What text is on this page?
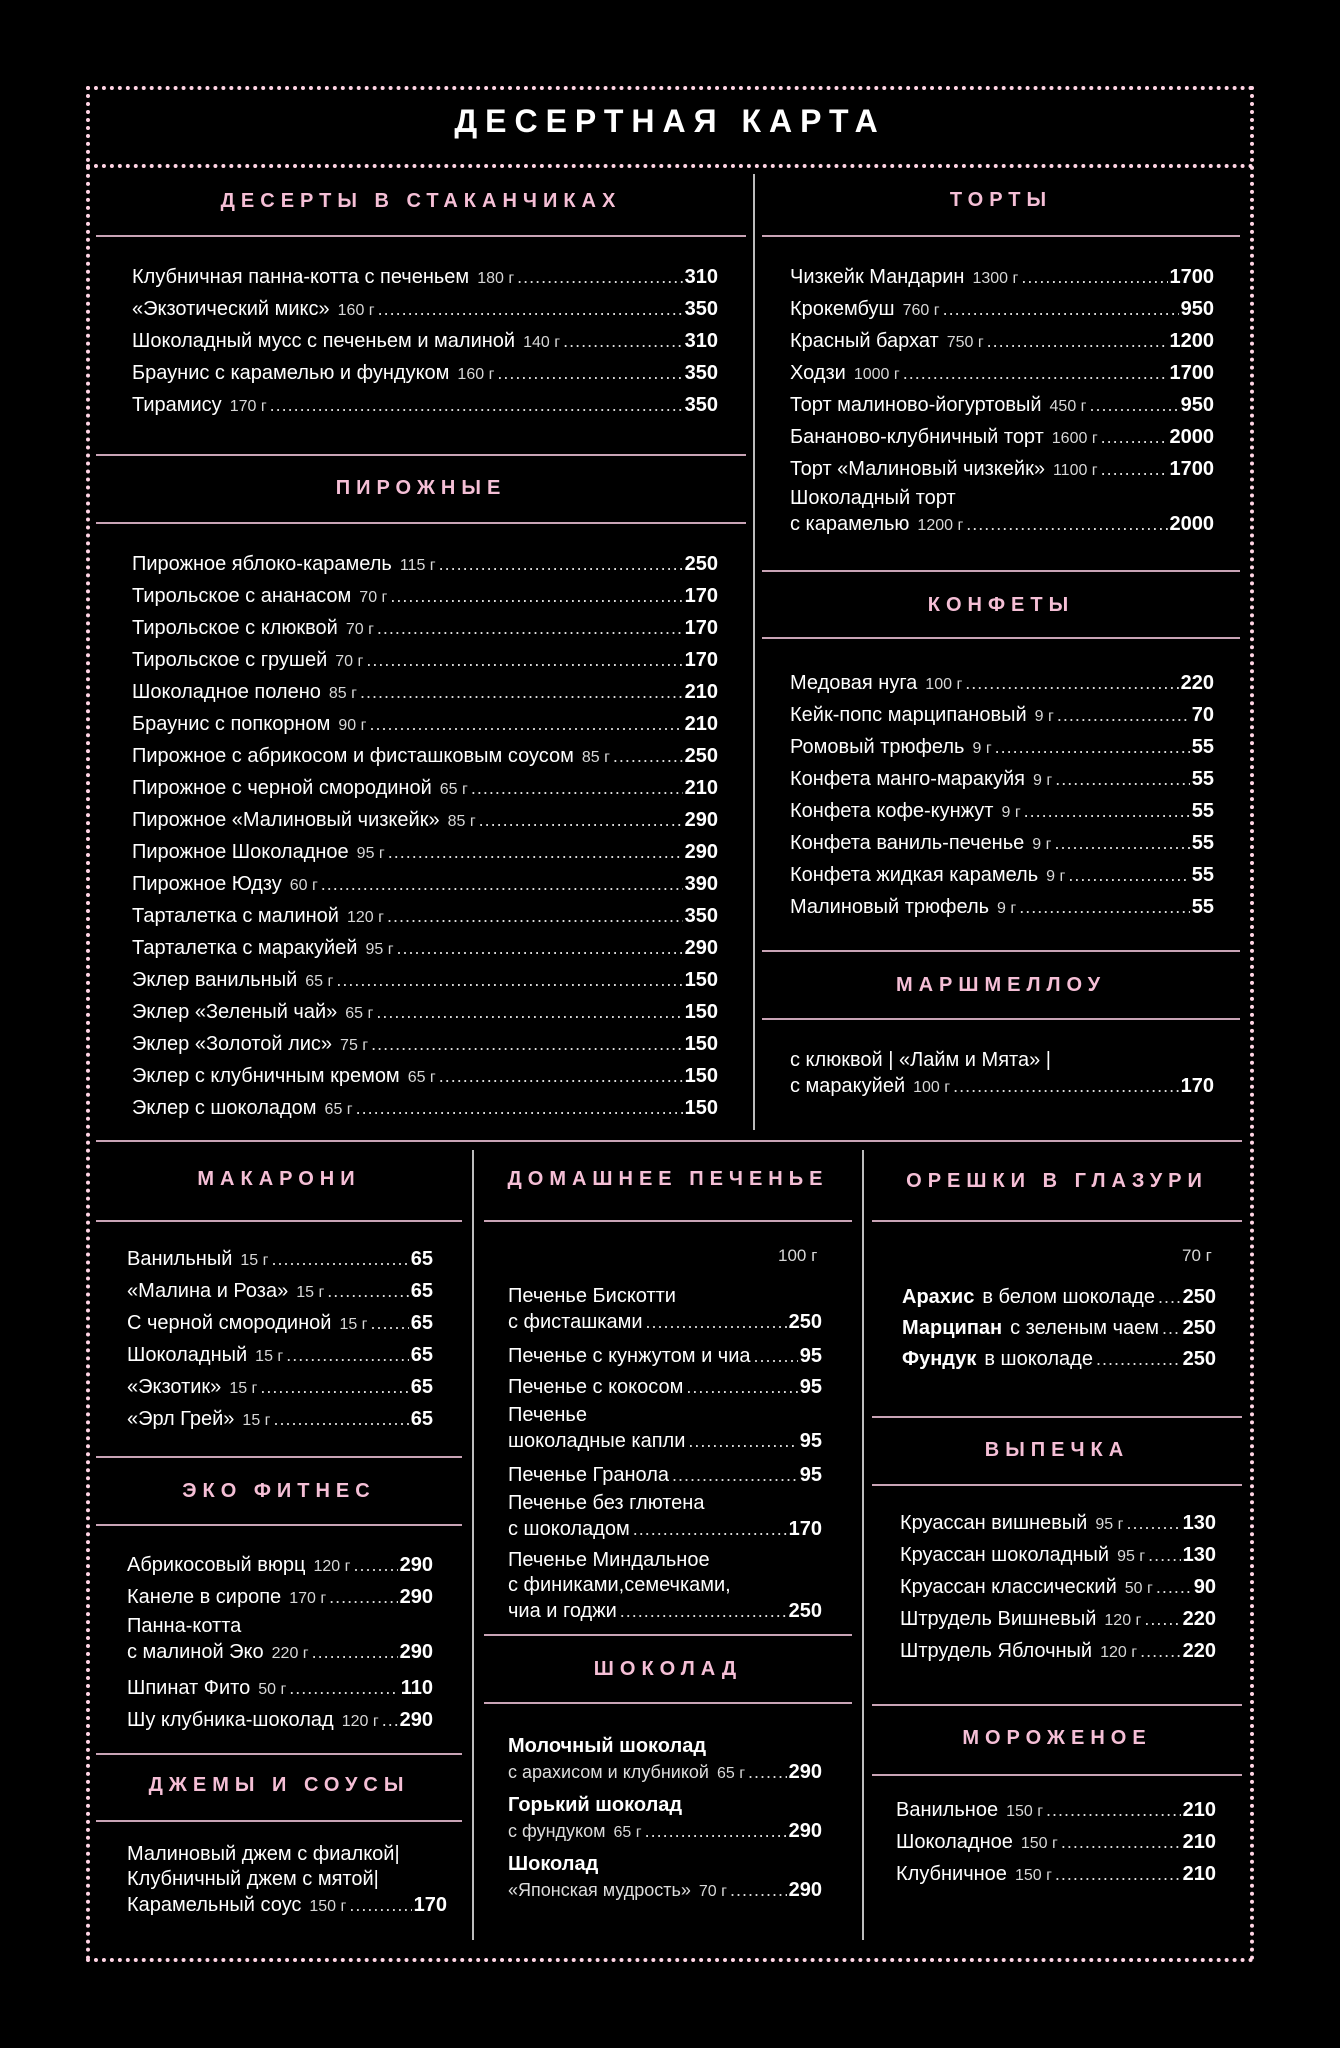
ДЕСЕРТНАЯ КАРТА
ДЕСЕРТЫ В СТАКАНЧИКАХ
Клубничная панна-котта с печеньем 180 г .....	310
«Экзотический микс» 160 г .....	350
Шоколадный мусс с печеньем и малиной 140 г .....	310
Браунис с карамелью и фундуком 160 г .....	350
Тирамису 170 г .....	350
ПИРОЖНЫЕ
Пирожное яблоко-карамель 115 г .....	250
Тирольское с ананасом 70 г .....	170
Тирольское с клюквой 70 г .....	170
Тирольское с грушей 70 г .....	170
Шоколадное полено 85 г .....	210
Браунис с попкорном 90 г .....	210
Пирожное с абрикосом и фисташковым соусом 85 г .....	250
Пирожное с черной смородиной 65 г .....	210
Пирожное «Малиновый чизкейк» 85 г .....	290
Пирожное Шоколадное 95 г .....	290
Пирожное Юдзу 60 г .....	390
Тарталетка с малиной 120 г .....	350
Тарталетка с маракуйей 95 г .....	290
Эклер ванильный 65 г .....	150
Эклер «Зеленый чай» 65 г .....	150
Эклер «Золотой лис» 75 г .....	150
Эклер с клубничным кремом 65 г .....	150
Эклер с шоколадом 65 г .....	150
ТОРТЫ
Чизкейк Мандарин 1300 г .....	1700
Крокембуш 760 г .....	950
Красный бархат 750 г .....	1200
Ходзи 1000 г .....	1700
Торт малиново-йогуртовый 450 г .....	950
Бананово-клубничный торт 1600 г .....	2000
Торт «Малиновый чизкейк» 1100 г .....	1700
Шоколадный торт
с карамелью 1200 г .....	2000
КОНФЕТЫ
Медовая нуга 100 г .....	220
Кейк-попс марципановый 9 г .....	70
Ромовый трюфель 9 г .....	55
Конфета манго-маракуйя 9 г .....	55
Конфета кофе-кунжут 9 г .....	55
Конфета ваниль-печенье 9 г .....	55
Конфета жидкая карамель 9 г .....	55
Малиновый трюфель 9 г .....	55
МАРШМЕЛЛОУ
с клюквой | «Лайм и Мята» |
с маракуйей 100 г .....	170
МАКАРОНИ
Ванильный 15 г .....	65
«Малина и Роза» 15 г .....	65
С черной смородиной 15 г ..... 65
Шоколадный 15 г .....	65
«Экзотик» 15 г .....	65
«Эрл Грей» 15 г .....	65
ЭКО ФИТНЕС
Абрикосовый вюрц 120 г ..... 290
Канеле в сиропе 170 г .....	290
Панна-котта
с малиной Эко 220 г .....	290
Шпинат Фито 50 г .....	110
Шу клубника-шоколад 120 г ..... 290
ДЖЕМЫ И СОУСЫ
Малиновый джем с фиалкой|
Клубничный джем с мятой|
Карамельный соус 150 г .....	170
ДОМАШНЕЕ ПЕЧЕНЬЕ
100 г
Печенье Бискотти
с фисташками .....	250
Печенье с кунжутом и чиа ..... 95
Печенье с кокосом .....	95
Печенье
шоколадные капли .....	95
Печенье Гранола .....	95
Печенье без глютена
с шоколадом .....	170
Печенье Миндальное
с финиками,семечками,
чиа и годжи .....	250
ШОКОЛАД
Молочный шоколад
с арахисом и клубникой 65 г ..... 290
Горький шоколад
с фундуком 65 г .....	290
Шоколад
«Японская мудрость» 70 г .....	290
ОРЕШКИ В ГЛАЗУРИ
70 г
Арахис в белом шоколаде ..... 250
Марципан с зеленым чаем ..... 250
Фундук в шоколаде .....	250
ВЫПЕЧКА
Круассан вишневый 95 г .....	130
Круассан шоколадный 95 г ..... 130
Круассан классический 50 г ..... 90
Штрудель Вишневый 120 г ..... 220
Штрудель Яблочный 120 г ..... 220
МОРОЖЕНОЕ
Ванильное 150 г .....	210
Шоколадное 150 г .....	210
Клубничное 150 г .....	210
